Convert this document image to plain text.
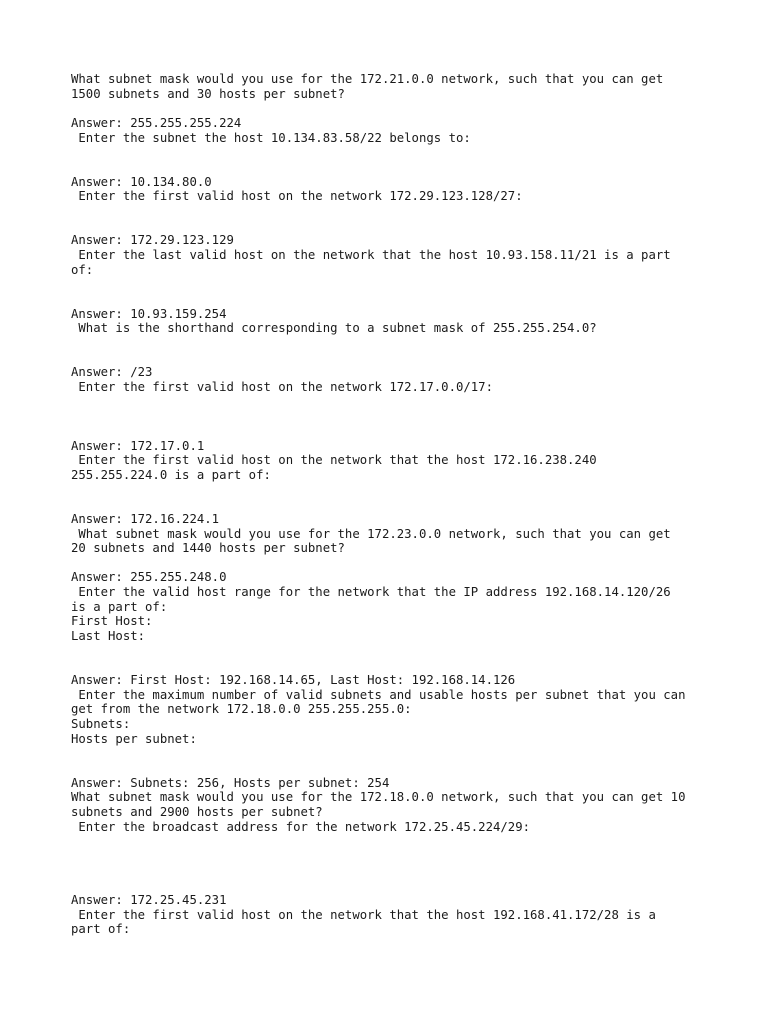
What subnet mask would you use for the 172.21.0.0 network, such that you can get
1500 subnets and 30 hosts per subnet?
Answer: 255.255.255.224
Enter the subnet the host 10.134.83.58/22 belongs to:
Answer: 10.134.80.0
Enter the first valid host on the network 172.29.123.128/27:
Answer: 172.29.123.129
Enter the last valid host on the network that the host 10.93.158.11/21 is a part
of:
Answer: 10.93.159.254
What is the shorthand corresponding to a subnet mask of 255.255.254.0?
Answer: /23
Enter the first valid host on the network 172.17.0.0/17:
Answer: 172.17.0.1
Enter the first valid host on the network that the host 172.16.238.240
255.255.224.0 is a part of:
Answer: 172.16.224.1
What subnet mask would you use for the 172.23.0.0 network, such that you can get
20 subnets and 1440 hosts per subnet?
Answer: 255.255.248.0
Enter the valid host range for the network that the IP address 192.168.14.120/26
is a part of:
First Host:
Last Host:
Answer: First Host: 192.168.14.65, Last Host: 192.168.14.126
Enter the maximum number of valid subnets and usable hosts per subnet that you can
get from the network 172.18.0.0 255.255.255.0:
Subnets:
Hosts per subnet:
Answer: Subnets: 256, Hosts per subnet: 254
What subnet mask would you use for the 172.18.0.0 network, such that you can get 10
subnets and 2900 hosts per subnet?
Enter the broadcast address for the network 172.25.45.224/29:
Answer: 172.25.45.231
Enter the first valid host on the network that the host 192.168.41.172/28 is a
part of:
